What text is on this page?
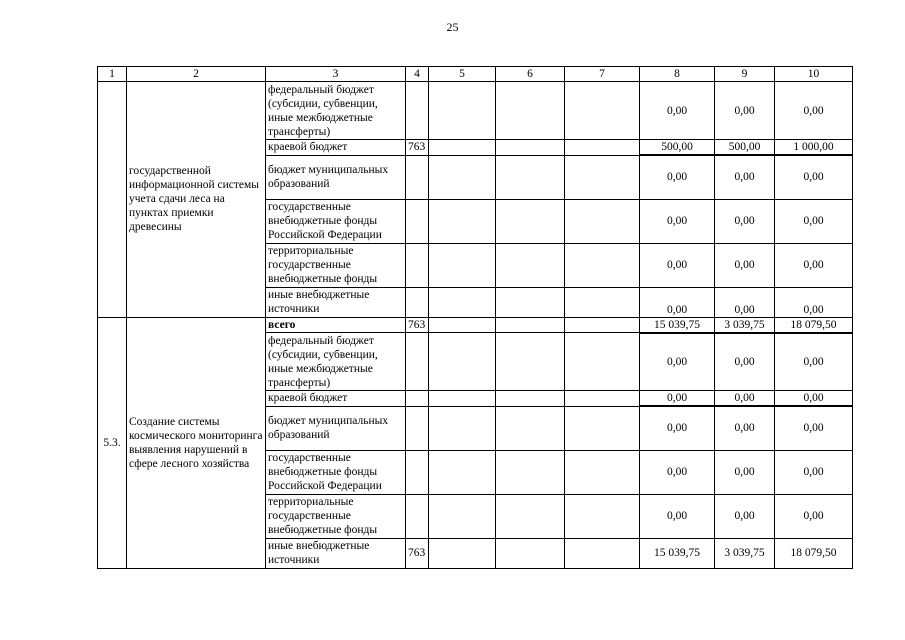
25
1	2	3	4	5	6	7	8	9	10
	государственной информационной системы учета сдачи леса на пунктах приемки древесины	федеральный бюджет (субсидии, субвенции, иные межбюджетные трансферты)					0,00	0,00	0,00
		краевой бюджет	763				500,00	500,00	1 000,00
		бюджет муниципальных образований					0,00	0,00	0,00
		государственные внебюджетные фонды Российской Федерации					0,00	0,00	0,00
		территориальные государственные внебюджетные фонды					0,00	0,00	0,00
		иные внебюджетные источники					0,00	0,00	0,00
5.3.	Создание системы космического мониторинга выявления нарушений в сфере лесного хозяйства	всего	763				15 039,75	3 039,75	18 079,50
		федеральный бюджет (субсидии, субвенции, иные межбюджетные трансферты)					0,00	0,00	0,00
		краевой бюджет					0,00	0,00	0,00
		бюджет муниципальных образований					0,00	0,00	0,00
		государственные внебюджетные фонды Российской Федерации					0,00	0,00	0,00
		территориальные государственные внебюджетные фонды					0,00	0,00	0,00
		иные внебюджетные источники	763				15 039,75	3 039,75	18 079,50
